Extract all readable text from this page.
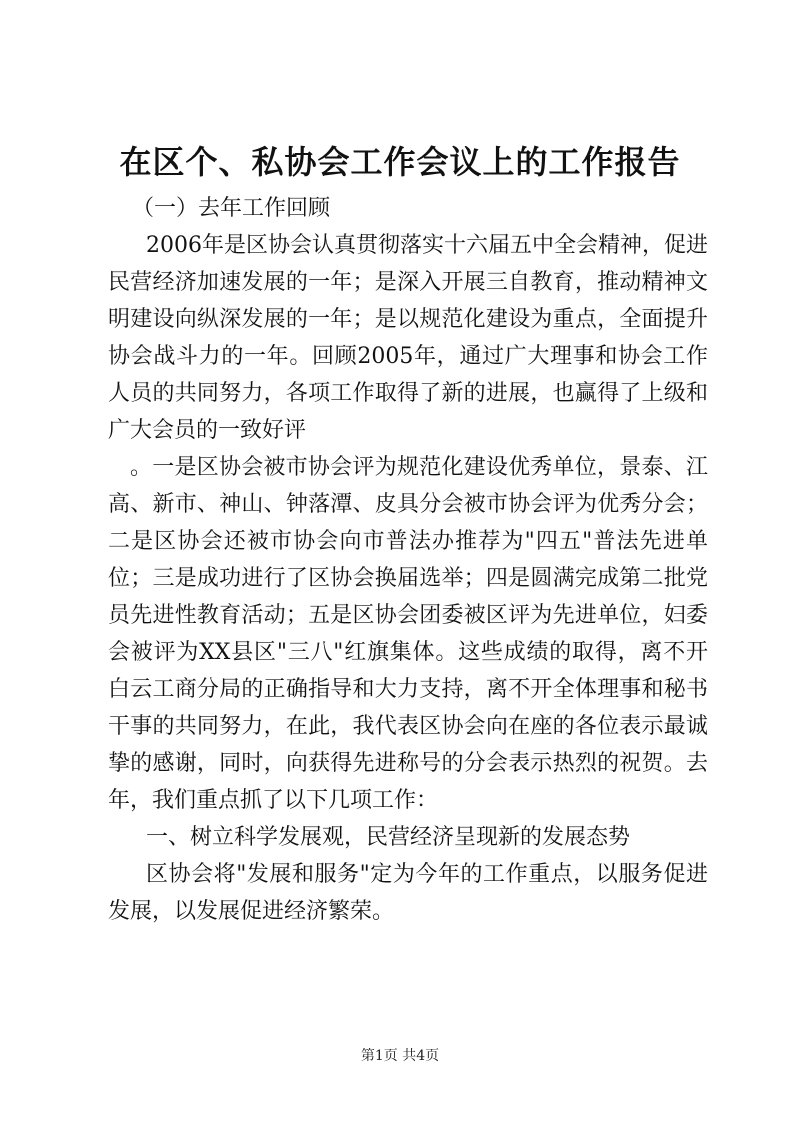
在区个、私协会工作会议上的工作报告

（一）去年工作回顾

2006年是区协会认真贯彻落实十六届五中全会精神，促进民营经济加速发展的一年；是深入开展三自教育，推动精神文明建设向纵深发展的一年；是以规范化建设为重点，全面提升协会战斗力的一年。回顾2005年，通过广大理事和协会工作人员的共同努力，各项工作取得了新的进展，也赢得了上级和广大会员的一致好评

。一是区协会被市协会评为规范化建设优秀单位，景泰、江高、新市、神山、钟落潭、皮具分会被市协会评为优秀分会；二是区协会还被市协会向市普法办推荐为"四五"普法先进单位；三是成功进行了区协会换届选举；四是圆满完成第二批党员先进性教育活动；五是区协会团委被区评为先进单位，妇委会被评为XX县区"三八"红旗集体。这些成绩的取得，离不开白云工商分局的正确指导和大力支持，离不开全体理事和秘书干事的共同努力，在此，我代表区协会向在座的各位表示最诚挚的感谢，同时，向获得先进称号的分会表示热烈的祝贺。去年，我们重点抓了以下几项工作：

一、树立科学发展观，民营经济呈现新的发展态势

区协会将"发展和服务"定为今年的工作重点，以服务促进发展，以发展促进经济繁荣。

第1页 共4页
